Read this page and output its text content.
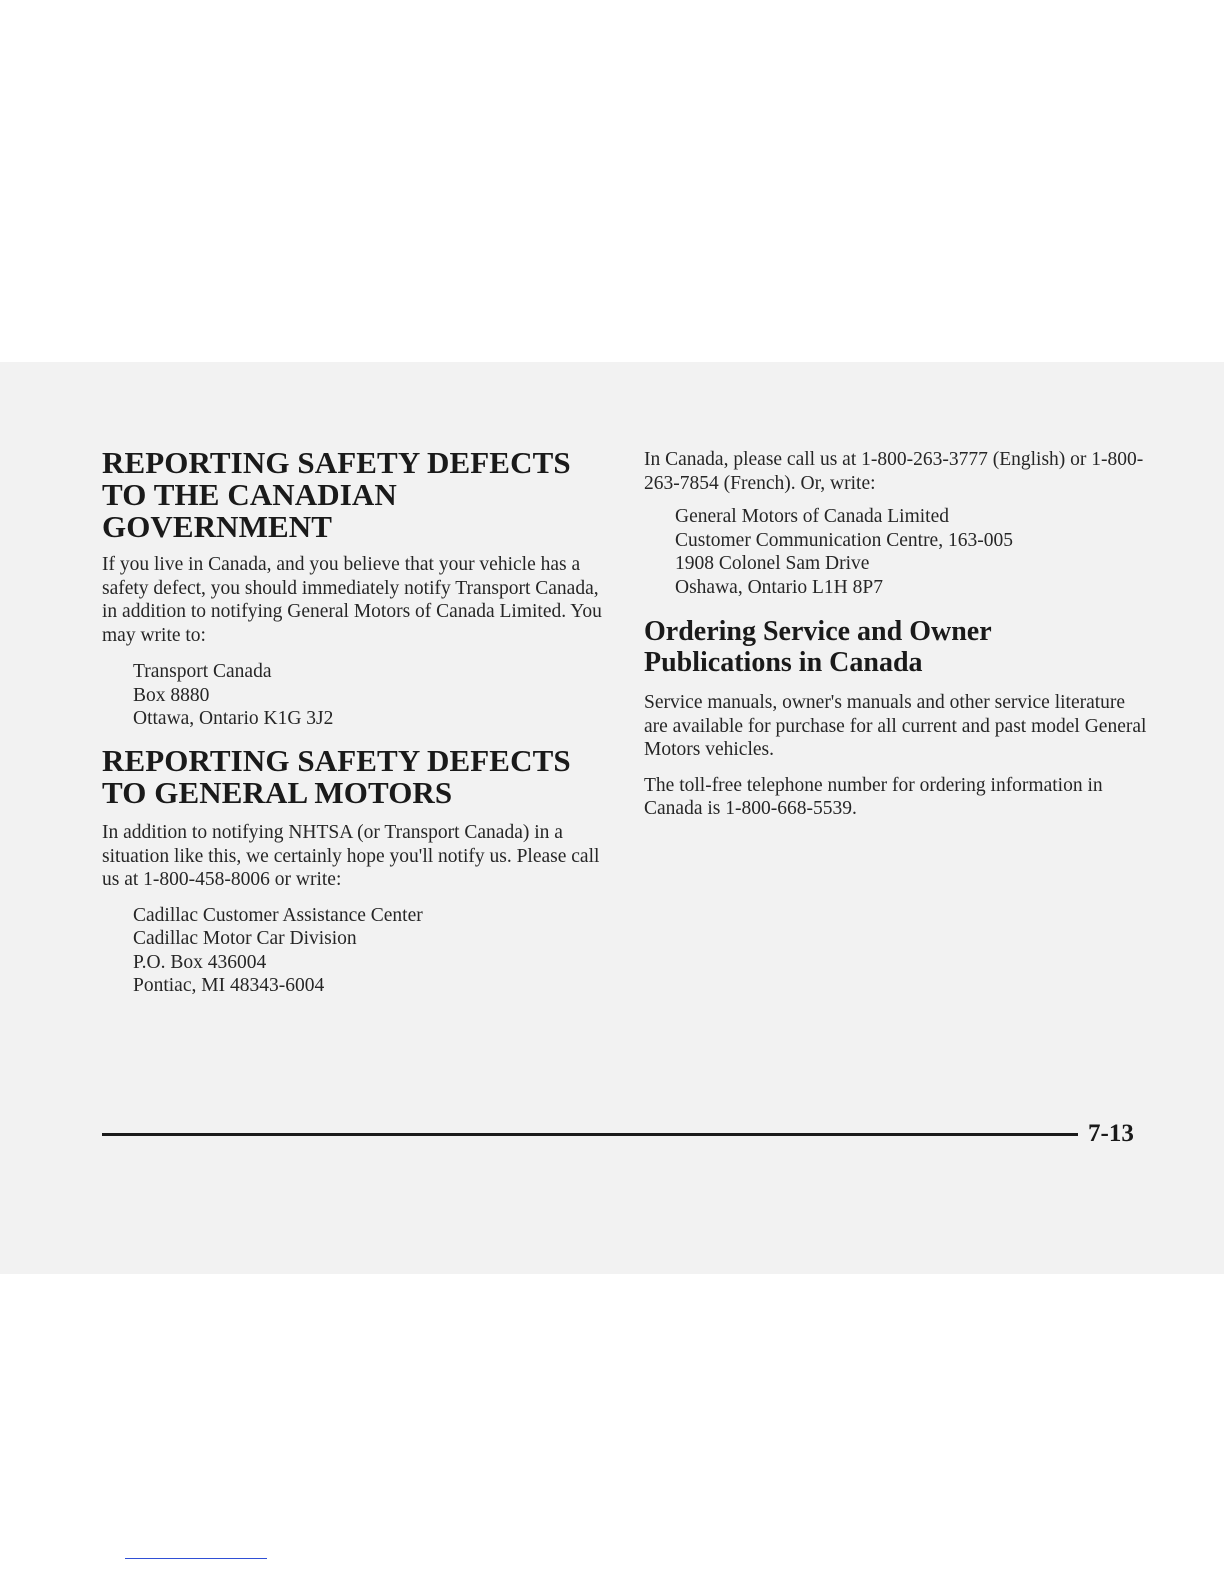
REPORTING SAFETY DEFECTS
TO THE CANADIAN
GOVERNMENT

If you live in Canada, and you believe that your vehicle has a safety defect, you should immediately notify Transport Canada, in addition to notifying General Motors of Canada Limited. You may write to:

Transport Canada
Box 8880
Ottawa, Ontario K1G 3J2

REPORTING SAFETY DEFECTS
TO GENERAL MOTORS

In addition to notifying NHTSA (or Transport Canada) in a situation like this, we certainly hope you'll notify us. Please call us at 1-800-458-8006 or write:

Cadillac Customer Assistance Center
Cadillac Motor Car Division
P.O. Box 436004
Pontiac, MI 48343-6004

In Canada, please call us at 1-800-263-3777 (English) or 1-800-263-7854 (French). Or, write:

General Motors of Canada Limited
Customer Communication Centre, 163-005
1908 Colonel Sam Drive
Oshawa, Ontario L1H 8P7

Ordering Service and Owner
Publications in Canada

Service manuals, owner's manuals and other service literature are available for purchase for all current and past model General Motors vehicles.

The toll-free telephone number for ordering information in Canada is 1-800-668-5539.

7-13
